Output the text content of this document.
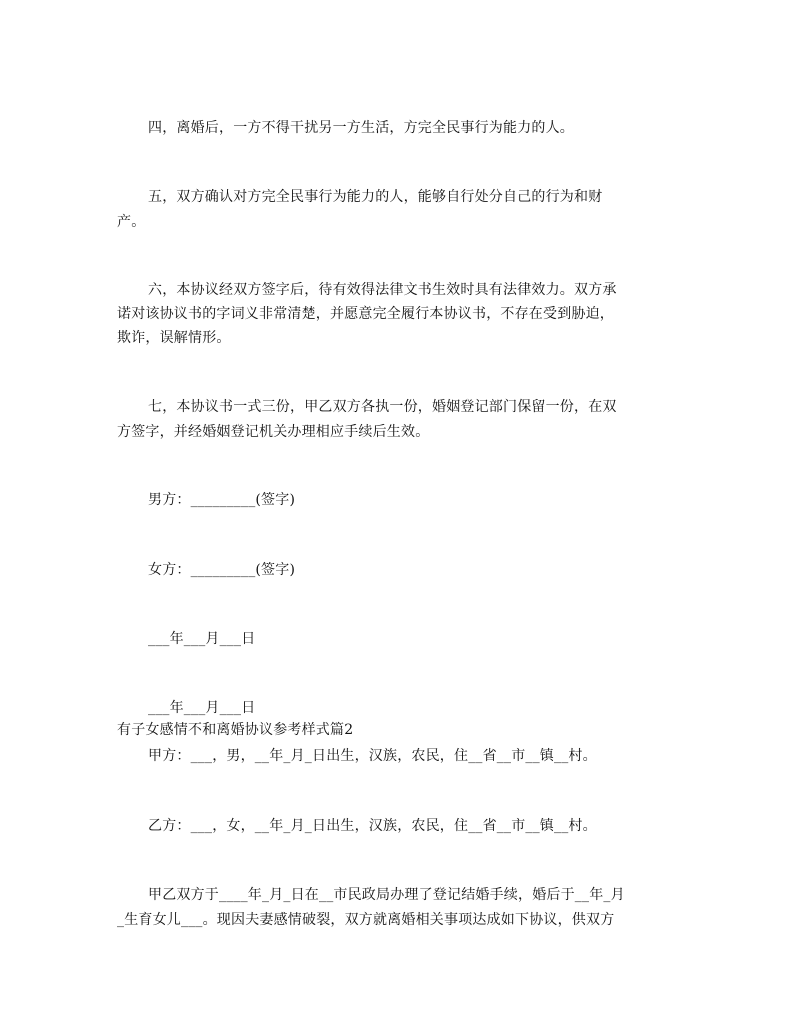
四，离婚后，一方不得干扰另一方生活，方完全民事行为能力的人。
五，双方确认对方完全民事行为能力的人，能够自行处分自己的行为和财
产。
六，本协议经双方签字后，待有效得法律文书生效时具有法律效力。双方承
诺对该协议书的字词义非常清楚，并愿意完全履行本协议书，不存在受到胁迫，
欺诈，误解情形。
七，本协议书一式三份，甲乙双方各执一份，婚姻登记部门保留一份，在双
方签字，并经婚姻登记机关办理相应手续后生效。
男方：_________(签字)
女方：_________(签字)
___年___月___日
___年___月___日
有子女感情不和离婚协议参考样式篇2
甲方：___，男，__年_月_日出生，汉族，农民，住__省__市__镇__村。
乙方：___，女，__年_月_日出生，汉族，农民，住__省__市__镇__村。
甲乙双方于____年_月_日在__市民政局办理了登记结婚手续，婚后于__年_月
_生育女儿___。现因夫妻感情破裂，双方就离婚相关事项达成如下协议，供双方
